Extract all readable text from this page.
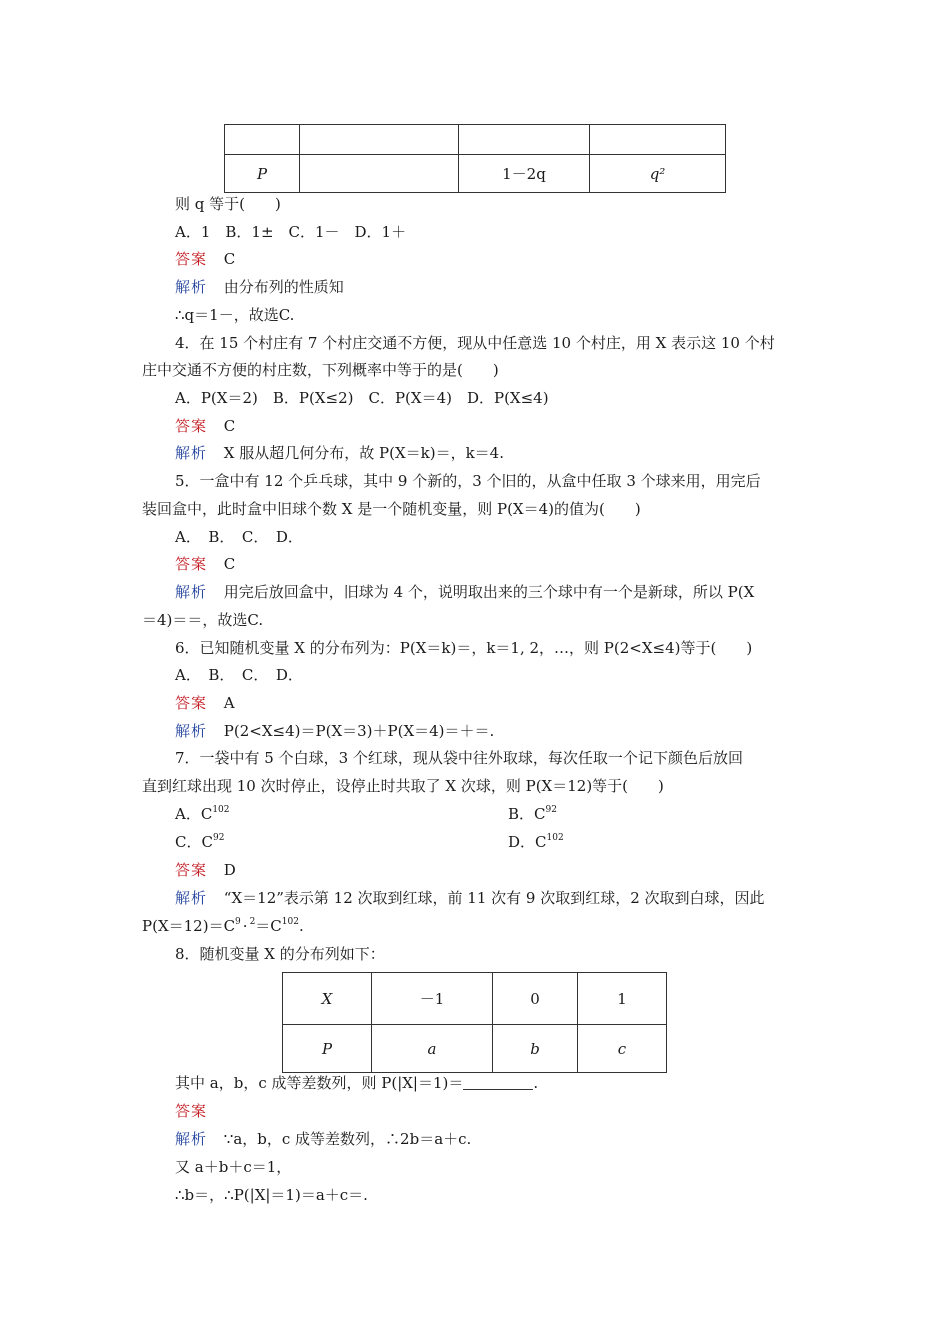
P		1－2q	q²
则 q 等于(　　)
A．1　B．1±　C．1－　D．1＋
答案 C
解析 由分布列的性质知
∴q＝1－，故选C.
4．在 15 个村庄有 7 个村庄交通不方便，现从中任意选 10 个村庄，用 X 表示这 10 个村
庄中交通不方便的村庄数，下列概率中等于的是(　　)
A．P(X＝2)　B．P(X≤2)　C．P(X＝4)　D．P(X≤4)
答案 C
解析 X 服从超几何分布，故 P(X＝k)＝，k＝4.
5．一盒中有 12 个乒乓球，其中 9 个新的，3 个旧的，从盒中任取 3 个球来用，用完后
装回盒中，此时盒中旧球个数 X 是一个随机变量，则 P(X＝4)的值为(　　)
A．　B．　C．　D．
答案 C
解析 用完后放回盒中，旧球为 4 个，说明取出来的三个球中有一个是新球，所以 P(X
＝4)＝＝，故选C.
6．已知随机变量 X 的分布列为：P(X＝k)＝，k＝1, 2，…，则 P(2<X≤4)等于(　　)
A．　B．　C．　D．
答案 A
解析 P(2<X≤4)＝P(X＝3)＋P(X＝4)＝＋＝.
7．一袋中有 5 个白球，3 个红球，现从袋中往外取球，每次任取一个记下颜色后放回
直到红球出现 10 次时停止，设停止时共取了 X 次球，则 P(X＝12)等于(　　)
A．$C^{102}$	B．$C^{92}$
C．$C^{92}$	D．$C^{102}$
答案 D
解析 “X＝12”表示第 12 次取到红球，前 11 次有 9 次取到红球，2 次取到白球，因此
$P(X=12)=C^9 \cdot ^2=C^{102}$.
8．随机变量 X 的分布列如下：
X	－1	0	1
P	a	b	c
其中 a，b，c 成等差数列，则 P(|X|＝1)＝	.
答案
解析 ∵a，b，c 成等差数列，∴2b＝a＋c.
又 a＋b＋c＝1，
∴b＝，∴P(|X|＝1)＝a＋c＝.
